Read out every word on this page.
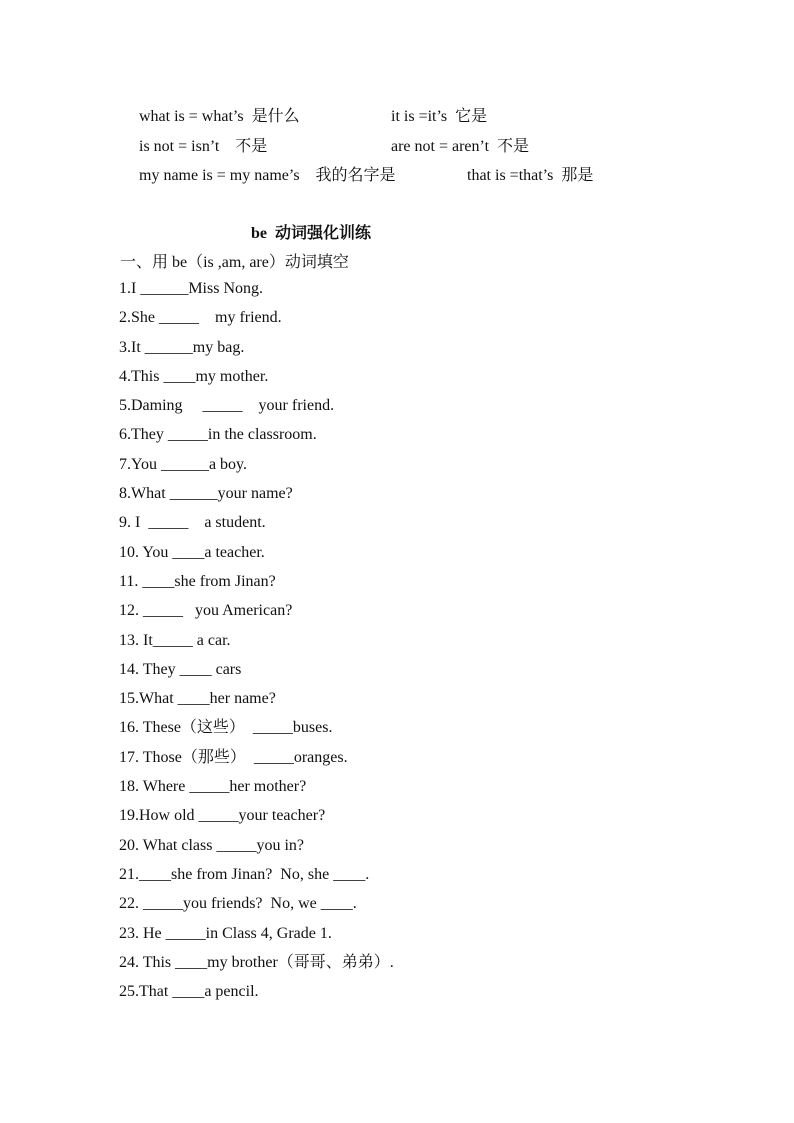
what is = what’s  是什么	it is =it’s  它是
is not = isn’t    不是	are not = aren’t  不是
my name is = my name’s    我的名字是	that is =that’s  那是
be  动词强化训练
一、用 be（is ,am, are）动词填空
1.I ______Miss Nong.
2.She _____    my friend.
3.It ______my bag.
4.This ____my mother.
5.Daming     _____    your friend.
6.They _____in the classroom.
7.You ______a boy.
8.What ______your name?
9. I  _____    a student.
10. You ____a teacher.
11. ____she from Jinan?
12. _____   you American?
13. It_____ a car.
14. They ____ cars
15.What ____her name?
16. These（这些）  _____buses.
17. Those（那些）  _____oranges.
18. Where _____her mother?
19.How old _____your teacher?
20. What class _____you in?
21.____she from Jinan?  No, she ____.
22. _____you friends?  No, we ____.
23. He _____in Class 4, Grade 1.
24. This ____my brother（哥哥、弟弟）.
25.That ____a pencil.
